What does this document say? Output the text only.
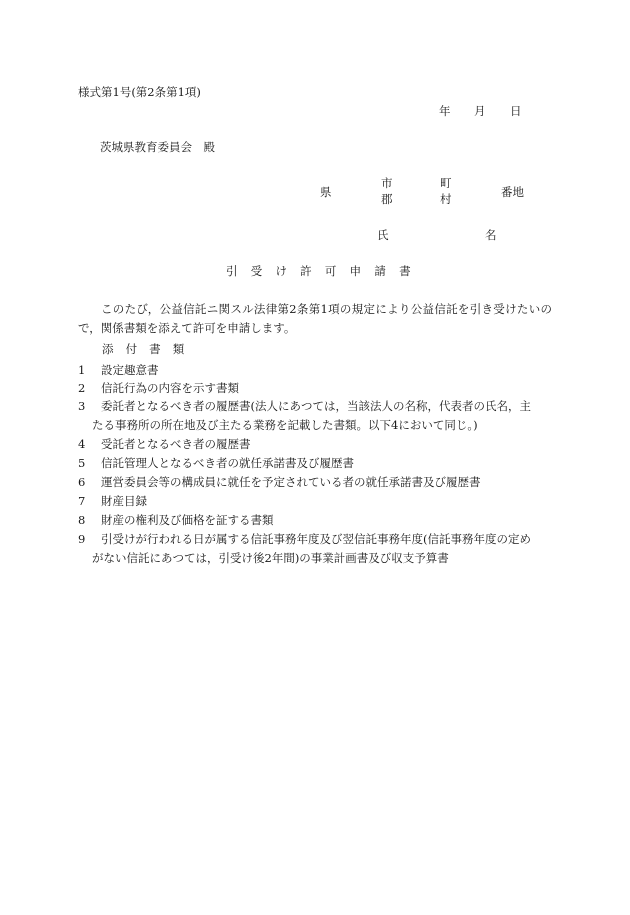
様式第1号(第2条第1項)
年 月 日
茨城県教育委員会　殿
県
市
郡
町
村	番地
氏	名
引受け許可申請書

このたび，公益信託ニ関スル法律第2条第1項の規定により公益信託を引き受けたいので，関係書類を添えて許可を申請します。

添付書類
1 設定趣意書
2 信託行為の内容を示す書類
3 委託者となるべき者の履歴書(法人にあつては，当該法人の名称，代表者の氏名，主
たる事務所の所在地及び主たる業務を記載した書類。以下4において同じ。)
4 受託者となるべき者の履歴書
5 信託管理人となるべき者の就任承諾書及び履歴書
6 運営委員会等の構成員に就任を予定されている者の就任承諾書及び履歴書
7 財産目録
8 財産の権利及び価格を証する書類
9 引受けが行われる日が属する信託事務年度及び翌信託事務年度(信託事務年度の定め
がない信託にあつては，引受け後2年間)の事業計画書及び収支予算書
